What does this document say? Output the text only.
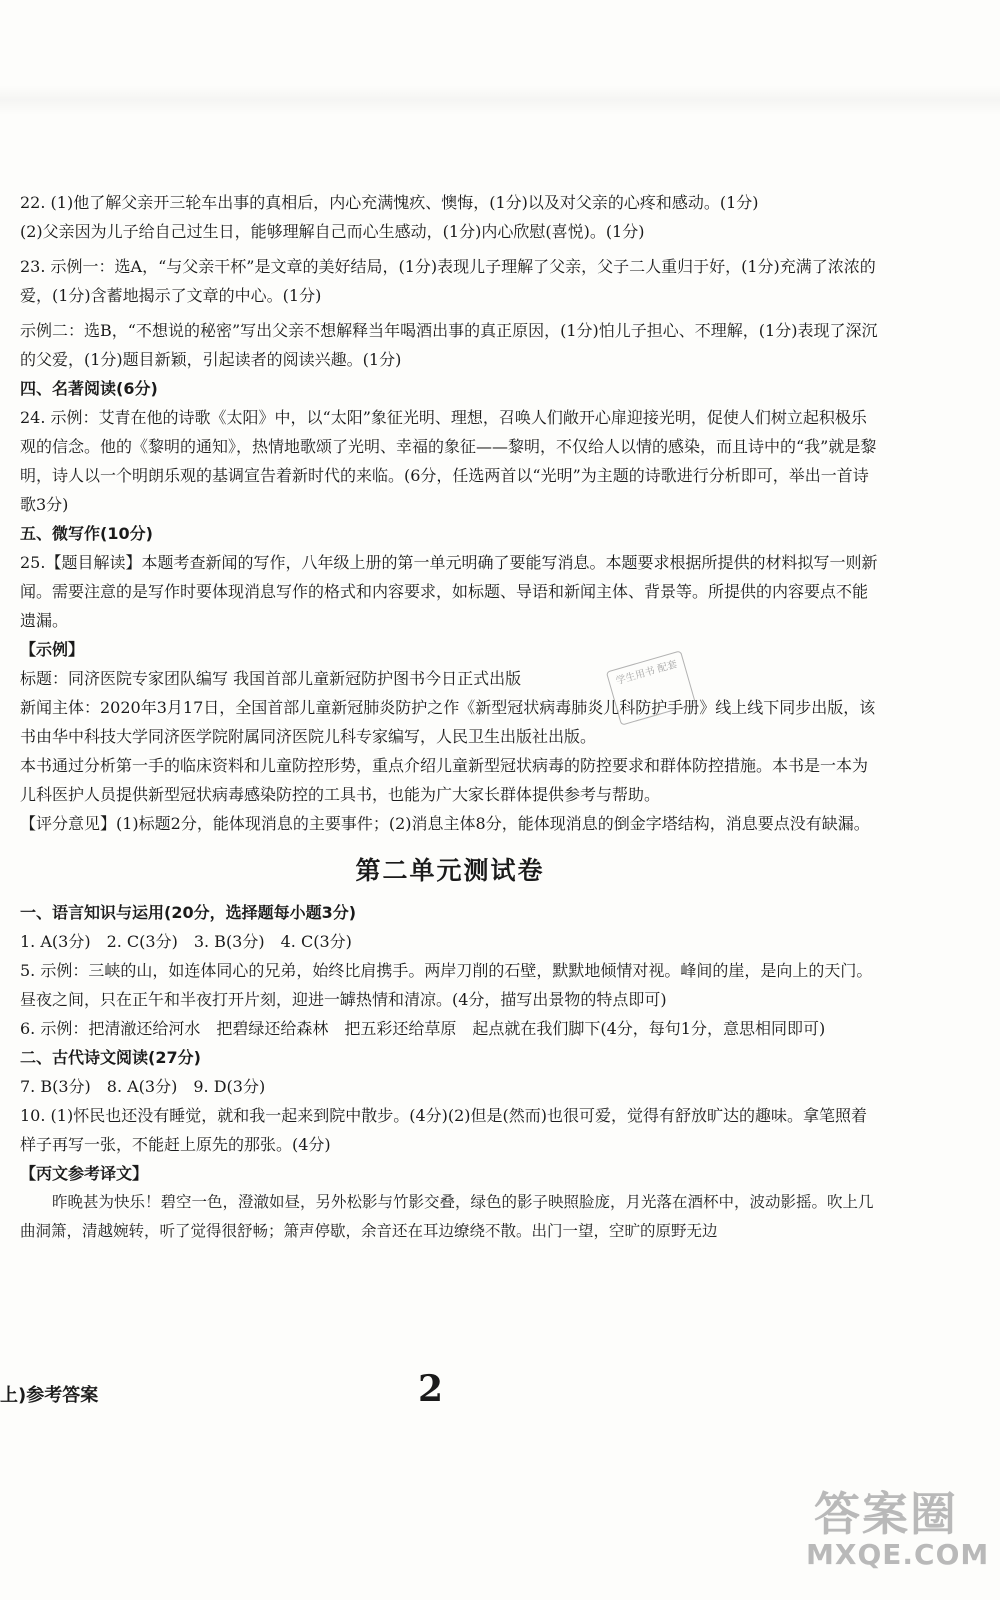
22. (1)他了解父亲开三轮车出事的真相后，内心充满愧疚、懊悔，(1分)以及对父亲的心疼和感动。(1分)

(2)父亲因为儿子给自己过生日，能够理解自己而心生感动，(1分)内心欣慰(喜悦)。(1分)

23. 示例一：选A，“与父亲干杯”是文章的美好结局，(1分)表现儿子理解了父亲，父子二人重归于好，(1分)充满了浓浓的爱，(1分)含蓄地揭示了文章的中心。(1分)

示例二：选B，“不想说的秘密”写出父亲不想解释当年喝酒出事的真正原因，(1分)怕儿子担心、不理解，(1分)表现了深沉的父爱，(1分)题目新颖，引起读者的阅读兴趣。(1分)

四、名著阅读(6分)

24. 示例：艾青在他的诗歌《太阳》中，以“太阳”象征光明、理想，召唤人们敞开心扉迎接光明，促使人们树立起积极乐观的信念。他的《黎明的通知》，热情地歌颂了光明、幸福的象征——黎明，不仅给人以情的感染，而且诗中的“我”就是黎明，诗人以一个明朗乐观的基调宣告着新时代的来临。(6分，任选两首以“光明”为主题的诗歌进行分析即可，举出一首诗歌3分)

五、微写作(10分)

25.【题目解读】本题考查新闻的写作，八年级上册的第一单元明确了要能写消息。本题要求根据所提供的材料拟写一则新闻。需要注意的是写作时要体现消息写作的格式和内容要求，如标题、导语和新闻主体、背景等。所提供的内容要点不能遗漏。

【示例】

标题：同济医院专家团队编写 我国首部儿童新冠防护图书今日正式出版

新闻主体：2020年3月17日，全国首部儿童新冠肺炎防护之作《新型冠状病毒肺炎儿科防护手册》线上线下同步出版，该书由华中科技大学同济医学院附属同济医院儿科专家编写，人民卫生出版社出版。

本书通过分析第一手的临床资料和儿童防控形势，重点介绍儿童新型冠状病毒的防控要求和群体防控措施。本书是一本为儿科医护人员提供新型冠状病毒感染防控的工具书，也能为广大家长群体提供参考与帮助。

【评分意见】(1)标题2分，能体现消息的主要事件；(2)消息主体8分，能体现消息的倒金字塔结构，消息要点没有缺漏。

第二单元测试卷

一、语言知识与运用(20分，选择题每小题3分)

1. A(3分)　2. C(3分)　3. B(3分)　4. C(3分)

5. 示例：三峡的山，如连体同心的兄弟，始终比肩携手。两岸刀削的石壁，默默地倾情对视。峰间的崖，是向上的天门。昼夜之间，只在正午和半夜打开片刻，迎进一罅热情和清凉。(4分，描写出景物的特点即可)

6. 示例：把清澈还给河水　把碧绿还给森林　把五彩还给草原　起点就在我们脚下(4分，每句1分，意思相同即可)

二、古代诗文阅读(27分)

7. B(3分)　8. A(3分)　9. D(3分)

10. (1)怀民也还没有睡觉，就和我一起来到院中散步。(4分)(2)但是(然而)也很可爱，觉得有舒放旷达的趣味。拿笔照着样子再写一张，不能赶上原先的那张。(4分)

【丙文参考译文】

昨晚甚为快乐！碧空一色，澄澈如昼，另外松影与竹影交叠，绿色的影子映照脸庞，月光落在酒杯中，波动影摇。吹上几曲洞箫，清越婉转，听了觉得很舒畅；箫声停歇，余音还在耳边缭绕不散。出门一望，空旷的原野无边

学生用书 配套
上)参考答案	2
答案圈
MXQE.COM
